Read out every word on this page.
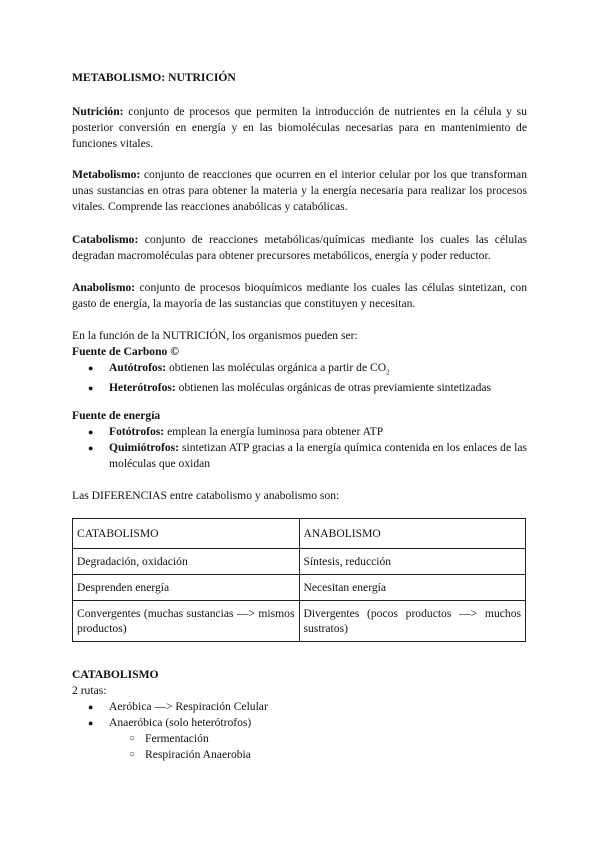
METABOLISMO: NUTRICIÓN
Nutrición: conjunto de procesos que permiten la introducción de nutrientes en la célula y su posterior conversión en energía y en las biomoléculas necesarias para en mantenimiento de funciones vitales.
Metabolismo: conjunto de reacciones que ocurren en el interior celular por los que transforman unas sustancias en otras para obtener la materia y la energía necesaria para realizar los procesos vitales. Comprende las reacciones anabólicas y catabólicas.
Catabolismo: conjunto de reacciones metabólicas/químicas mediante los cuales las células degradan macromoléculas para obtener precursores metabólicos, energía y poder reductor.
Anabolismo: conjunto de procesos bioquímicos mediante los cuales las células sintetizan, con gasto de energía, la mayoría de las sustancias que constituyen y necesitan.
En la función de la NUTRICIÓN, los organismos pueden ser:
Fuente de Carbono ©
● Autótrofos: obtienen las moléculas orgánica a partir de $CO_2$
● Heterótrofos: obtienen las moléculas orgánicas de otras previamiente sintetizadas
Fuente de energía
● Fotótrofos: emplean la energía luminosa para obtener ATP
● Quimiótrofos: sintetizan ATP gracias a la energía química contenida en los enlaces de las moléculas que oxidan
Las DIFERENCIAS entre catabolismo y anabolismo son:
CATABOLISMO	ANABOLISMO
Degradación, oxidación	Síntesis, reducción
Desprenden energía	Necesitan energía
Convergentes (muchas sustancias —> mismos productos)	Divergentes (pocos productos —> muchos sustratos)
CATABOLISMO
2 rutas:
● Aeróbica —> Respiración Celular
● Anaeróbica (solo heterótrofos)
○ Fermentación
○ Respiración Anaerobia
